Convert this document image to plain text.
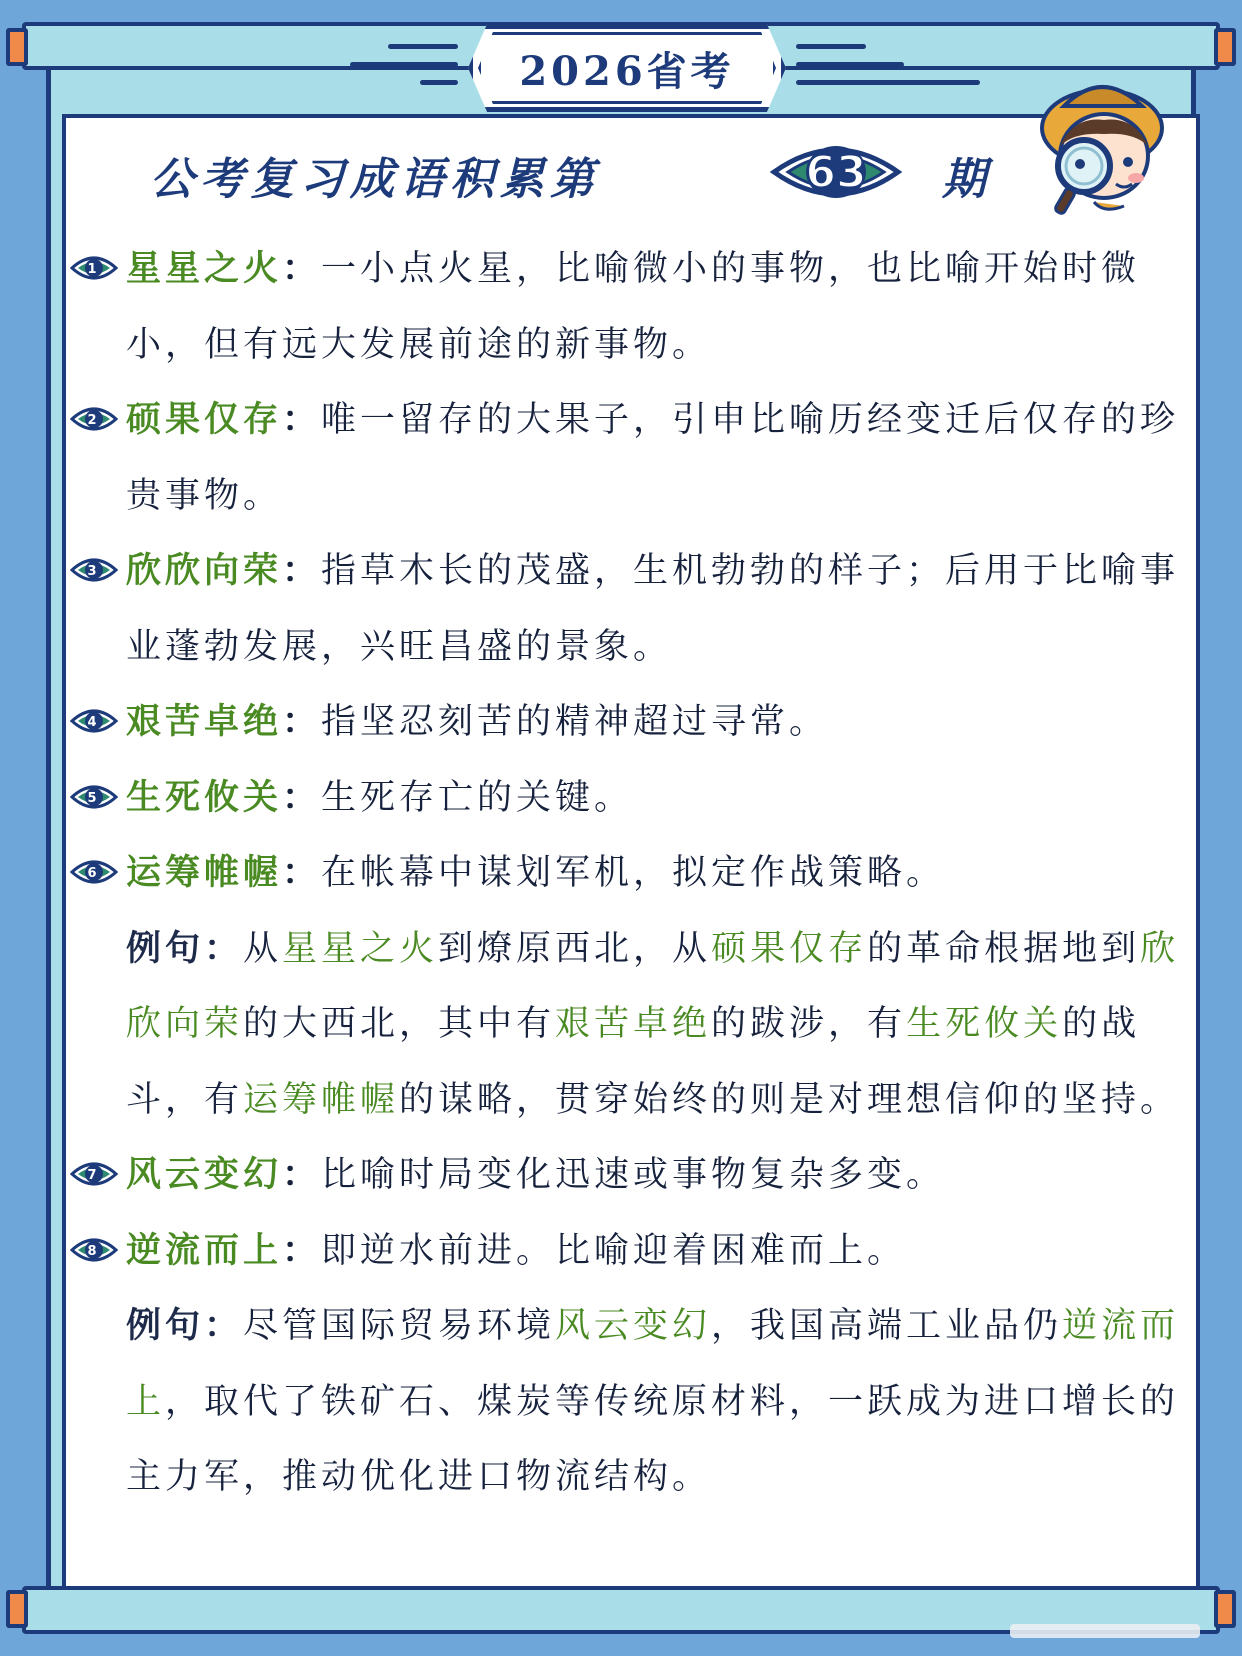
2026省考
公考复习成语积累第	63	期
1 星星之火：一小点火星，比喻微小的事物，也比喻开始时微小，但有远大发展前途的新事物。
2 硕果仅存：唯一留存的大果子，引申比喻历经变迁后仅存的珍贵事物。
3 欣欣向荣：指草木长的茂盛，生机勃勃的样子；后用于比喻事业蓬勃发展，兴旺昌盛的景象。
4 艰苦卓绝：指坚忍刻苦的精神超过寻常。
5 生死攸关：生死存亡的关键。
6 运筹帷幄：在帐幕中谋划军机，拟定作战策略。
例句：从星星之火到燎原西北，从硕果仅存的革命根据地到欣欣向荣的大西北，其中有艰苦卓绝的跋涉，有生死攸关的战斗，有运筹帷幄的谋略，贯穿始终的则是对理想信仰的坚持。
7 风云变幻：比喻时局变化迅速或事物复杂多变。
8 逆流而上：即逆水前进。比喻迎着困难而上。
例句：尽管国际贸易环境风云变幻，我国高端工业品仍逆流而上，取代了铁矿石、煤炭等传统原材料，一跃成为进口增长的主力军，推动优化进口物流结构。
